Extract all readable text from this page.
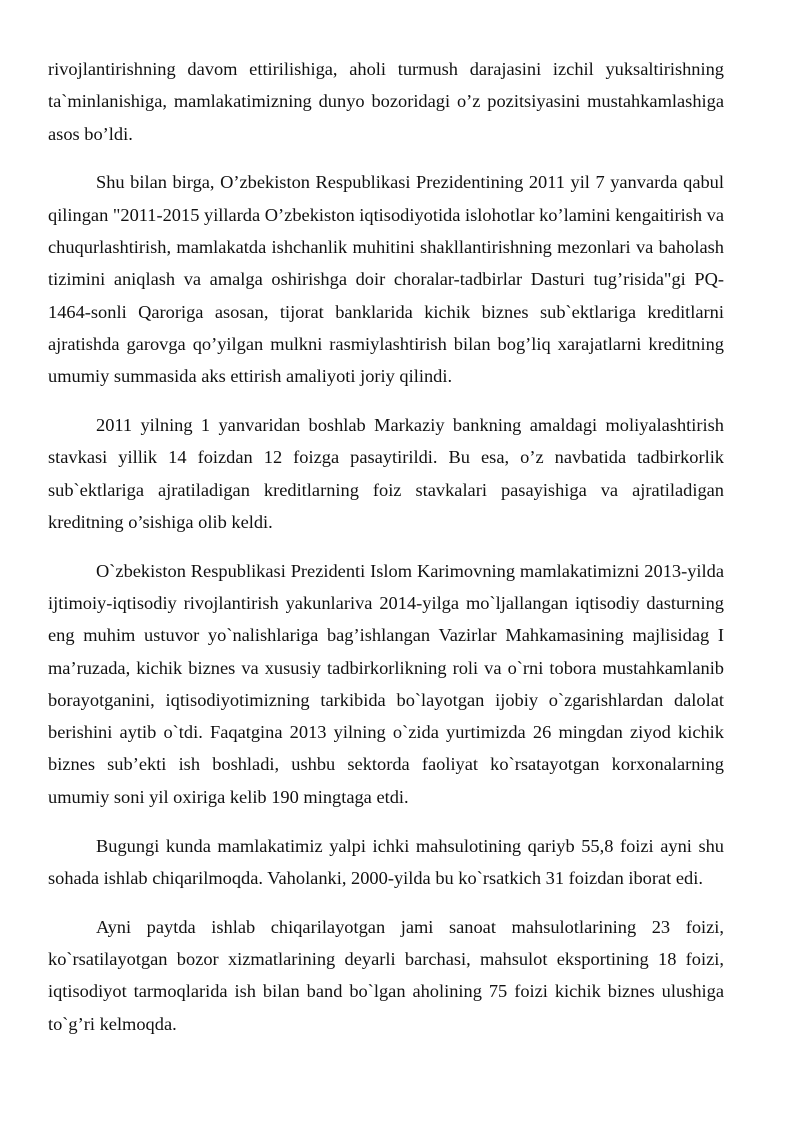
rivojlantirishning davom ettirilishiga, aholi turmush darajasini izchil yuksaltirishning ta`minlanishiga, mamlakatimizning dunyo bozoridagi o’z pozitsiyasini mustahkamlashiga asos bo’ldi.

Shu bilan birga, O’zbekiston Respublikasi Prezidentining 2011 yil 7 yanvarda qabul qilingan "2011-2015 yillarda O’zbekiston iqtisodiyotida islohotlar ko’lamini kengaitirish va chuqurlashtirish, mamlakatda ishchanlik muhitini shakllantirishning mezonlari va baholash tizimini aniqlash va amalga oshirishga doir choralar-tadbirlar Dasturi tug’risida"gi PQ-1464-sonli Qaroriga asosan, tijorat banklarida kichik biznes sub`ektlariga kreditlarni ajratishda garovga qo’yilgan mulkni rasmiylashtirish bilan bog’liq xarajatlarni kreditning umumiy summasida aks ettirish amaliyoti joriy qilindi.

2011 yilning 1 yanvaridan boshlab Markaziy bankning amaldagi moliyalashtirish stavkasi yillik 14 foizdan 12 foizga pasaytirildi. Bu esa, o’z navbatida tadbirkorlik sub`ektlariga ajratiladigan kreditlarning foiz stavkalari pasayishiga va ajratiladigan kreditning o’sishiga olib keldi.

O`zbekiston Respublikasi Prezidenti Islom Karimovning mamlakatimizni 2013-yilda ijtimoiy-iqtisodiy rivojlantirish yakunlariva 2014-yilga mo`ljallangan iqtisodiy dasturning eng muhim ustuvor yo`nalishlariga bag’ishlangan Vazirlar Mahkamasining majlisidag I ma’ruzada, kichik biznes va xususiy tadbirkorlikning roli va o`rni tobora mustahkamlanib borayotganini, iqtisodiyotimizning tarkibida bo`layotgan ijobiy o`zgarishlardan dalolat berishini aytib o`tdi. Faqatgina 2013 yilning o`zida yurtimizda 26 mingdan ziyod kichik biznes sub’ekti ish boshladi, ushbu sektorda faoliyat ko`rsatayotgan korxonalarning umumiy soni yil oxiriga kelib 190 mingtaga etdi.

Bugungi kunda mamlakatimiz yalpi ichki mahsulotining qariyb 55,8 foizi ayni shu sohada ishlab chiqarilmoqda. Vaholanki, 2000-yilda bu ko`rsatkich 31 foizdan iborat edi.

Ayni paytda ishlab chiqarilayotgan jami sanoat mahsulotlarining 23 foizi, ko`rsatilayotgan bozor xizmatlarining deyarli barchasi, mahsulot eksportining 18 foizi, iqtisodiyot tarmoqlarida ish bilan band bo`lgan aholining 75 foizi kichik biznes ulushiga to`g’ri kelmoqda.
